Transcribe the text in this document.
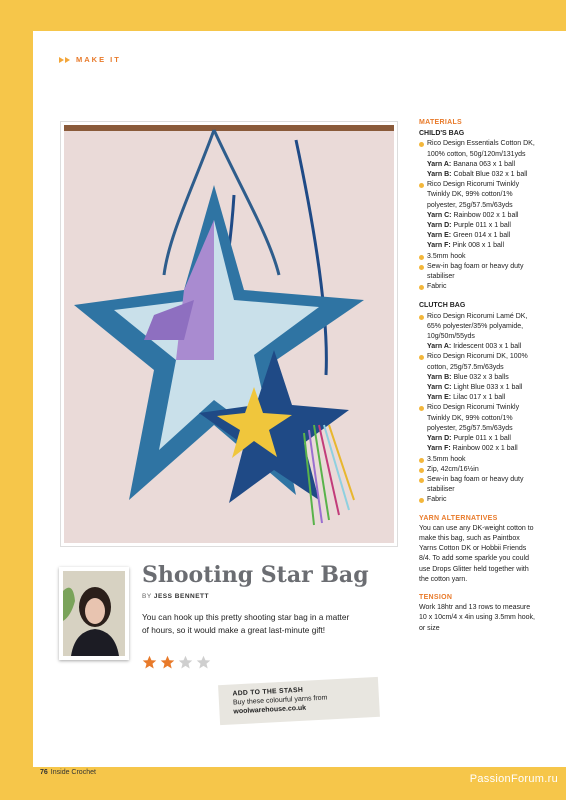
MAKE IT
Shooting Star Bag
BY JESS BENNETT
You can hook up this pretty shooting star bag in a matter of hours, so it would make a great last-minute gift!
ADD TO THE STASH
Buy these colourful yarns from
woolwarehouse.co.uk
MATERIALS
CHILD'S BAG
Rico Design Essentials Cotton DK, 100% cotton, 50g/120m/131yds
Yarn A: Banana 063 x 1 ball
Yarn B: Cobalt Blue 032 x 1 ball
Rico Design Ricorumi Twinkly Twinkly DK, 99% cotton/1% polyester, 25g/57.5m/63yds
Yarn C: Rainbow 002 x 1 ball
Yarn D: Purple 011 x 1 ball
Yarn E: Green 014 x 1 ball
Yarn F: Pink 008 x 1 ball
3.5mm hook
Sew-in bag foam or heavy duty stabiliser
Fabric
CLUTCH BAG
Rico Design Ricorumi Lamé DK, 65% polyester/35% polyamide, 10g/50m/55yds
Yarn A: Iridescent 003 x 1 ball
Rico Design Ricorumi DK, 100% cotton, 25g/57.5m/63yds
Yarn B: Blue 032 x 3 balls
Yarn C: Light Blue 033 x 1 ball
Yarn E: Lilac 017 x 1 ball
Rico Design Ricorumi Twinkly Twinkly DK, 99% cotton/1% polyester, 25g/57.5m/63yds
Yarn D: Purple 011 x 1 ball
Yarn F: Rainbow 002 x 1 ball
3.5mm hook
Zip, 42cm/16½in
Sew-in bag foam or heavy duty stabiliser
Fabric
YARN ALTERNATIVES
You can use any DK-weight cotton to make this bag, such as Paintbox Yarns Cotton DK or Hobbii Friends 8/4. To add some sparkle you could use Drops Glitter held together with the cotton yarn.
TENSION
Work 18htr and 13 rows to measure 10 x 10cm/4 x 4in using 3.5mm hook, or size
76 Inside Crochet
PassionForum.ru
